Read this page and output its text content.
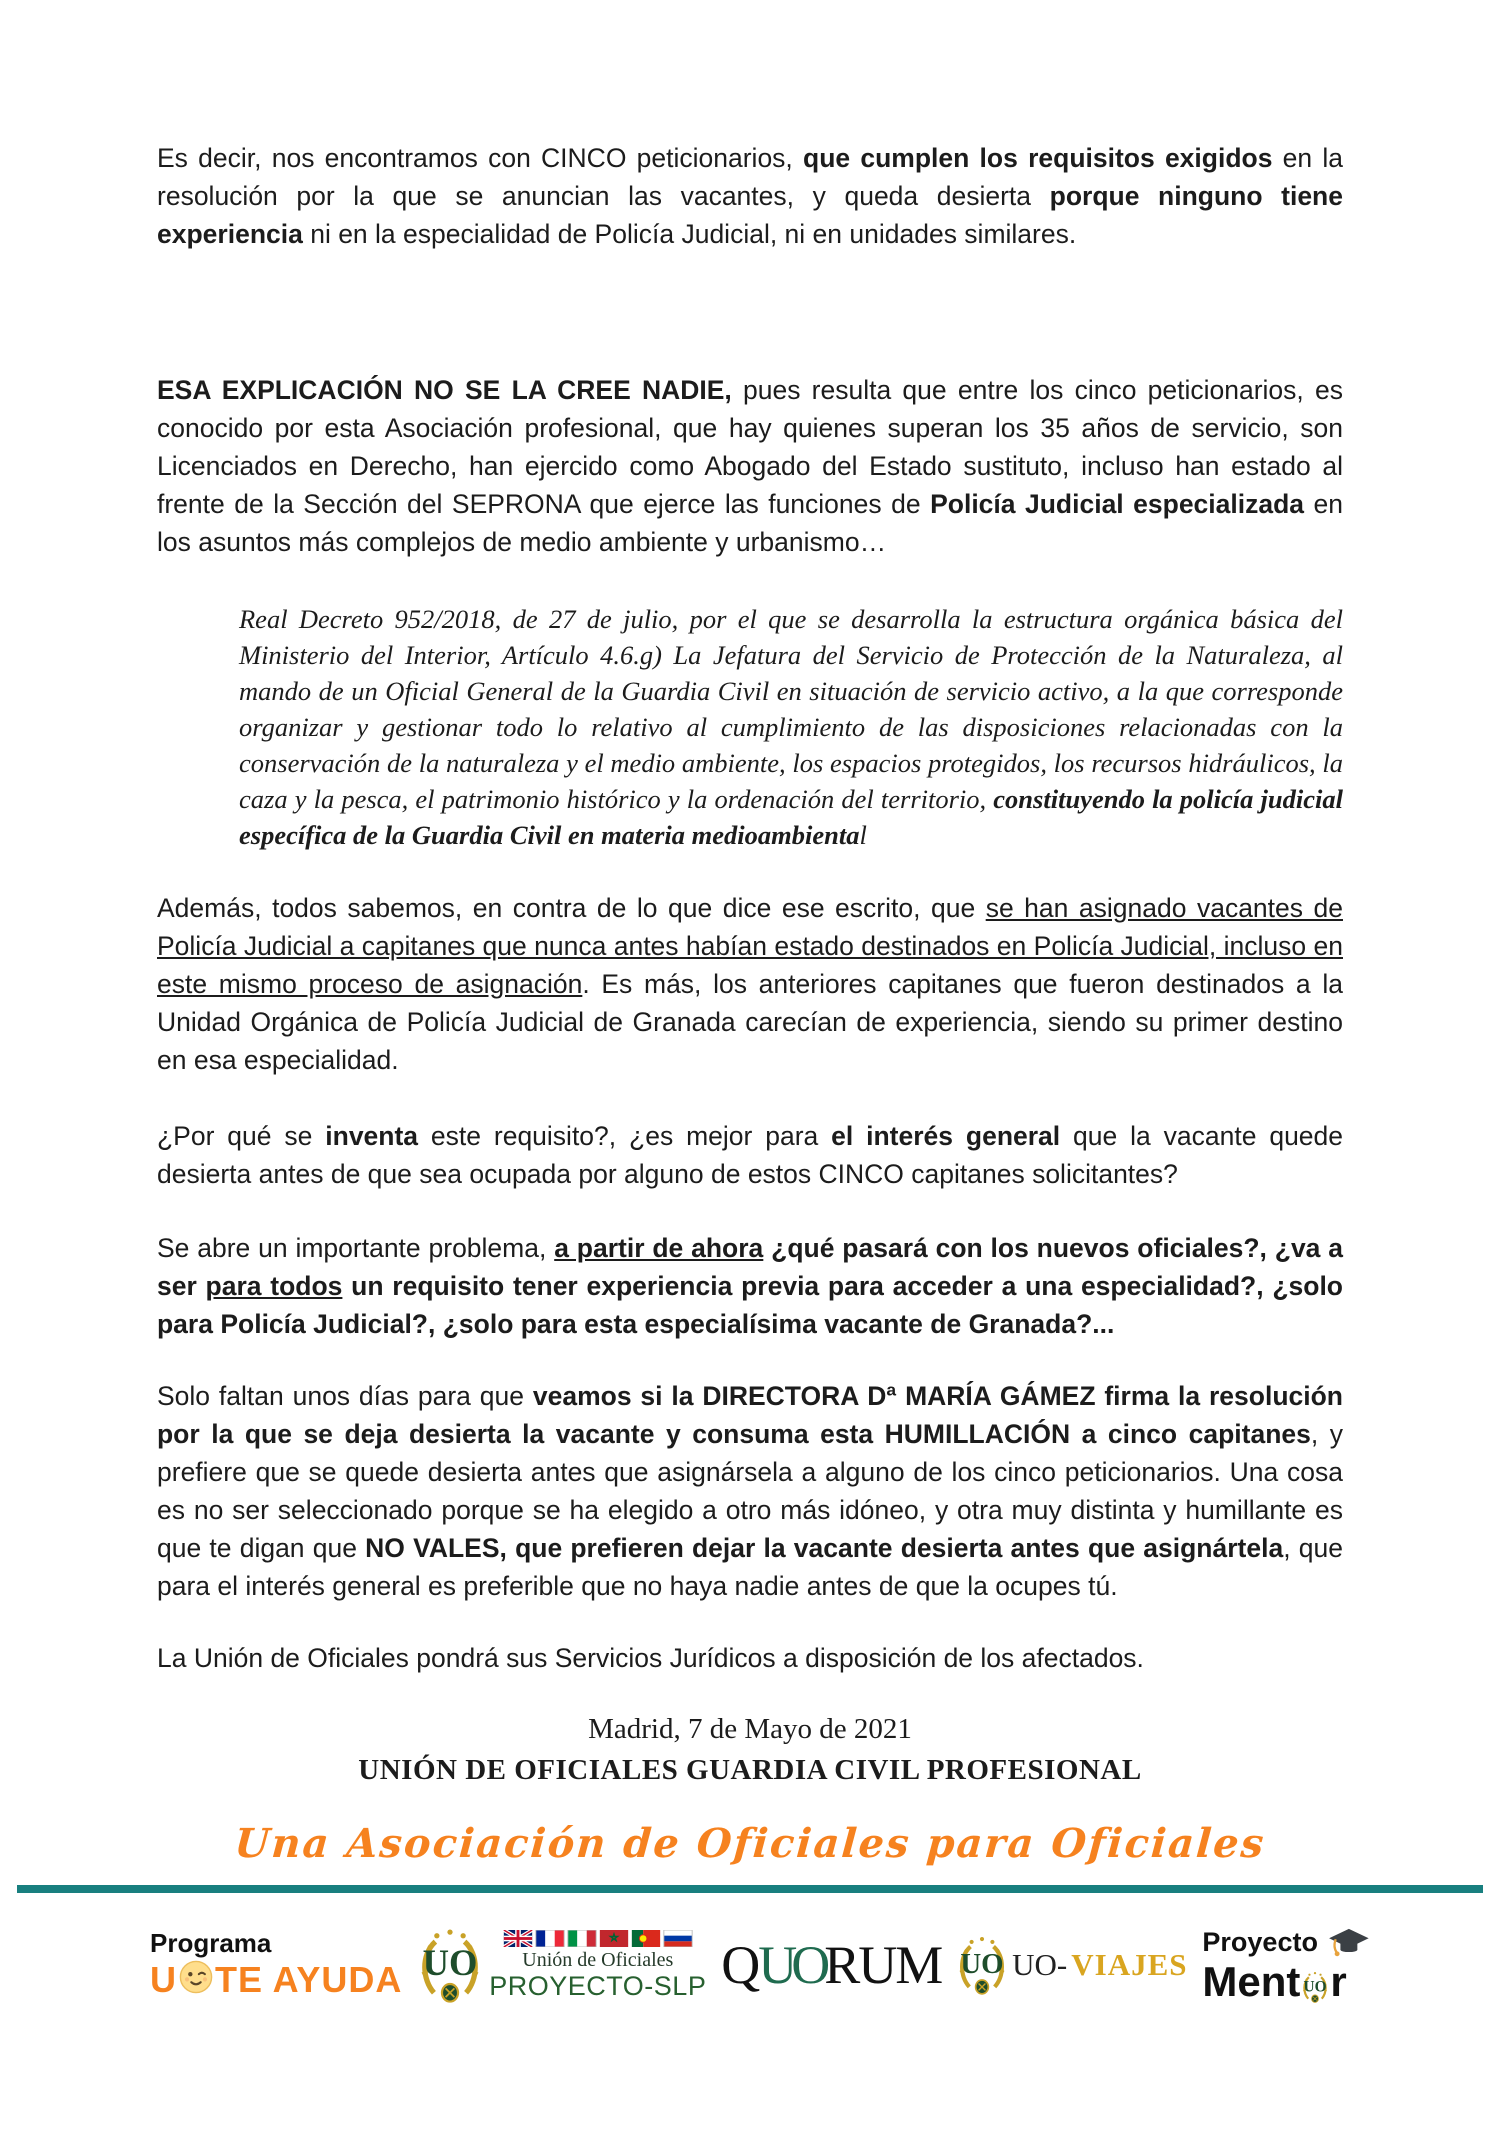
Es decir, nos encontramos con CINCO peticionarios, que cumplen los requisitos exigidos en la resolución por la que se anuncian las vacantes, y queda desierta porque ninguno tiene experiencia ni en la especialidad de Policía Judicial, ni en unidades similares.

ESA EXPLICACIÓN NO SE LA CREE NADIE, pues resulta que entre los cinco peticionarios, es conocido por esta Asociación profesional, que hay quienes superan los 35 años de servicio, son Licenciados en Derecho, han ejercido como Abogado del Estado sustituto, incluso han estado al frente de la Sección del SEPRONA que ejerce las funciones de Policía Judicial especializada en los asuntos más complejos de medio ambiente y urbanismo…

Real Decreto 952/2018, de 27 de julio, por el que se desarrolla la estructura orgánica básica del Ministerio del Interior, Artículo 4.6.g) La Jefatura del Servicio de Protección de la Naturaleza, al mando de un Oficial General de la Guardia Civil en situación de servicio activo, a la que corresponde organizar y gestionar todo lo relativo al cumplimiento de las disposiciones relacionadas con la conservación de la naturaleza y el medio ambiente, los espacios protegidos, los recursos hidráulicos, la caza y la pesca, el patrimonio histórico y la ordenación del territorio, constituyendo la policía judicial específica de la Guardia Civil en materia medioambiental

Además, todos sabemos, en contra de lo que dice ese escrito, que se han asignado vacantes de Policía Judicial a capitanes que nunca antes habían estado destinados en Policía Judicial, incluso en este mismo proceso de asignación. Es más, los anteriores capitanes que fueron destinados a la Unidad Orgánica de Policía Judicial de Granada carecían de experiencia, siendo su primer destino en esa especialidad.

¿Por qué se inventa este requisito?, ¿es mejor para el interés general que la vacante quede desierta antes de que sea ocupada por alguno de estos CINCO capitanes solicitantes?

Se abre un importante problema, a partir de ahora ¿qué pasará con los nuevos oficiales?, ¿va a ser para todos un requisito tener experiencia previa para acceder a una especialidad?, ¿solo para Policía Judicial?, ¿solo para esta especialísima vacante de Granada?...

Solo faltan unos días para que veamos si la DIRECTORA Dª MARÍA GÁMEZ firma la resolución por la que se deja desierta la vacante y consuma esta HUMILLACIÓN a cinco capitanes, y prefiere que se quede desierta antes que asignársela a alguno de los cinco peticionarios. Una cosa es no ser seleccionado porque se ha elegido a otro más idóneo, y otra muy distinta y humillante es que te digan que NO VALES, que prefieren dejar la vacante desierta antes que asignártela, que para el interés general es preferible que no haya nadie antes de que la ocupes tú.

La Unión de Oficiales pondrá sus Servicios Jurídicos a disposición de los afectados.

Madrid, 7 de Mayo de 2021
UNIÓN DE OFICIALES GUARDIA CIVIL PROFESIONAL
Una Asociación de Oficiales para Oficiales
Programa
U TE AYUDA	Unión de Oficiales
PROYECTO-SLP QUORUM UO- VIAJES
Proyecto
Ment r
